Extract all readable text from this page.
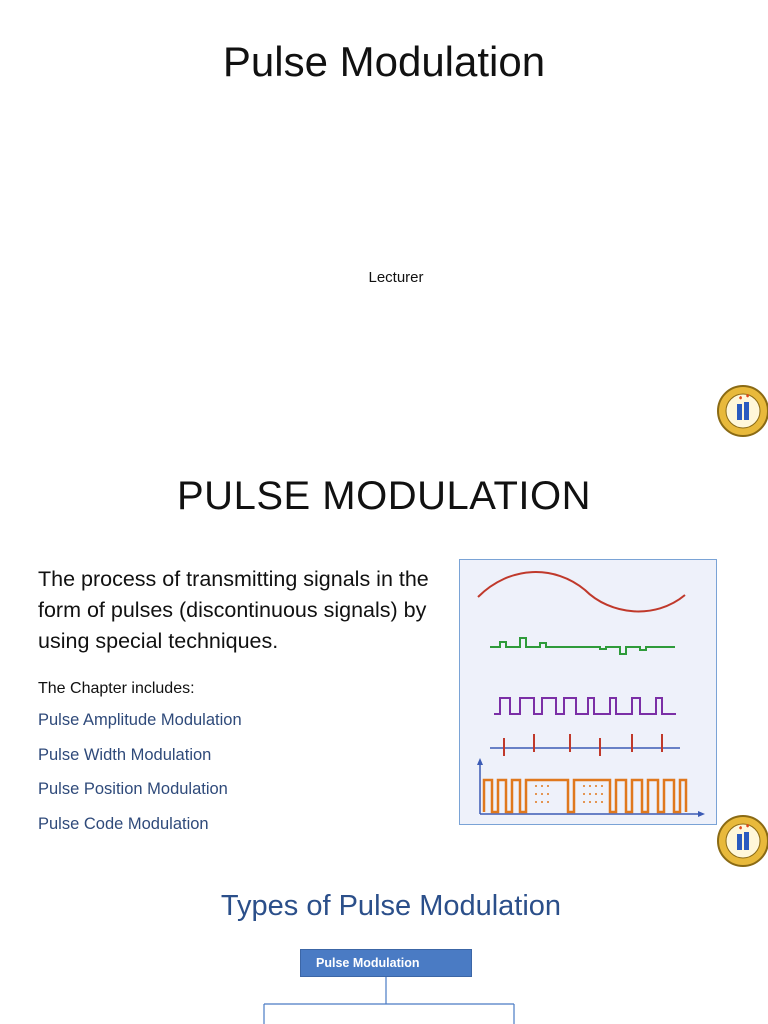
Pulse Modulation
Lecturer
PULSE MODULATION
The process of transmitting signals in the form of pulses (discontinuous signals) by using special techniques.
The Chapter includes:
Pulse Amplitude Modulation
Pulse Width Modulation
Pulse Position Modulation
Pulse Code Modulation
Types of Pulse Modulation
Pulse Modulation
